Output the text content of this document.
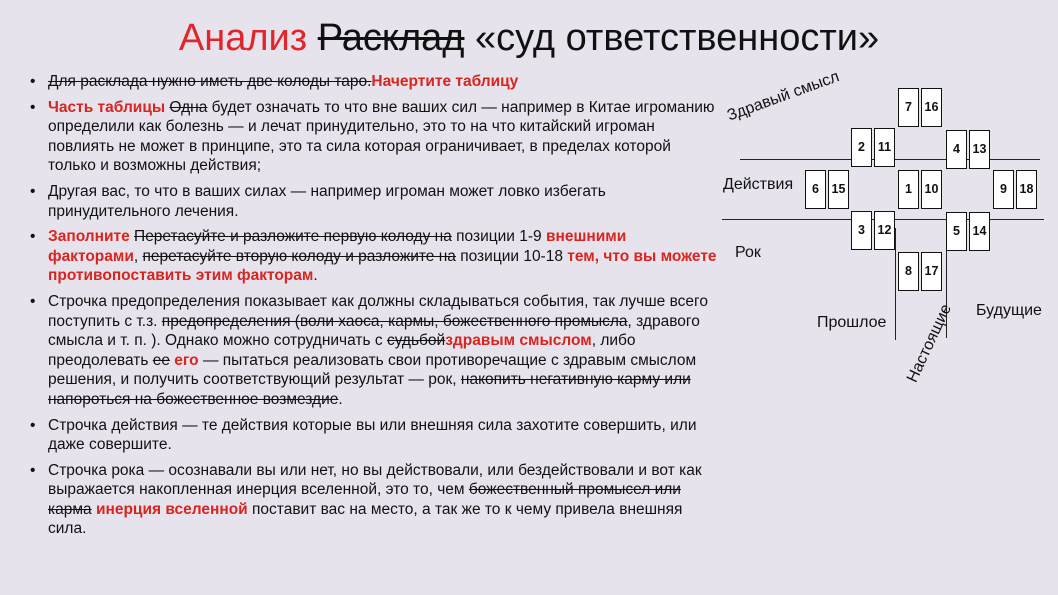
Анализ Расклад «суд ответственности»
• Для расклада нужно иметь две колоды таро.Начертите таблицу
• Часть таблицы Одна будет означать то что вне ваших сил — например в Китае игроманию определили как болезнь — и лечат принудительно, это то на что китайский игроман повлиять не может в принципе, это та сила которая ограничивает, в пределах которой только и возможны действия;
• Другая вас, то что в ваших силах — например игроман может ловко избегать принудительного лечения.
• Заполните Перетасуйте и разложите первую колоду на позиции 1-9 внешними факторами, перетасуйте вторую колоду и разложите на позиции 10-18 тем, что вы можете противопоставить этим факторам.
• Строчка предопределения показывает как должны складываться события, так лучше всего поступить с т.з. предопределения (воли хаоса, кармы, божественного промысла, здравого смысла и т. п. ). Однако можно сотрудничать с судьбойздравым смыслом, либо преодолевать ее его — пытаться реализовать свои противоречащие с здравым смыслом решения, и получить соответствующий результат — рок, накопить негативную карму или напороться на божественное возмездие.
• Строчка действия — те действия которые вы или внешняя сила захотите совершить, или даже совершите.
• Строчка рока — осознавали вы или нет, но вы действовали, или бездействовали и вот как выражается накопленная инерция вселенной, это то, чем божественный промысел или карма инерция вселенной поставит вас на место, а так же то к чему привела внешняя сила.
Здравый смысл
Действия
Рок
Прошлое Настоящие Будущие
7	16
2	11	4	13
6	15	1	10	9	18
3	12	5	14
8	17
